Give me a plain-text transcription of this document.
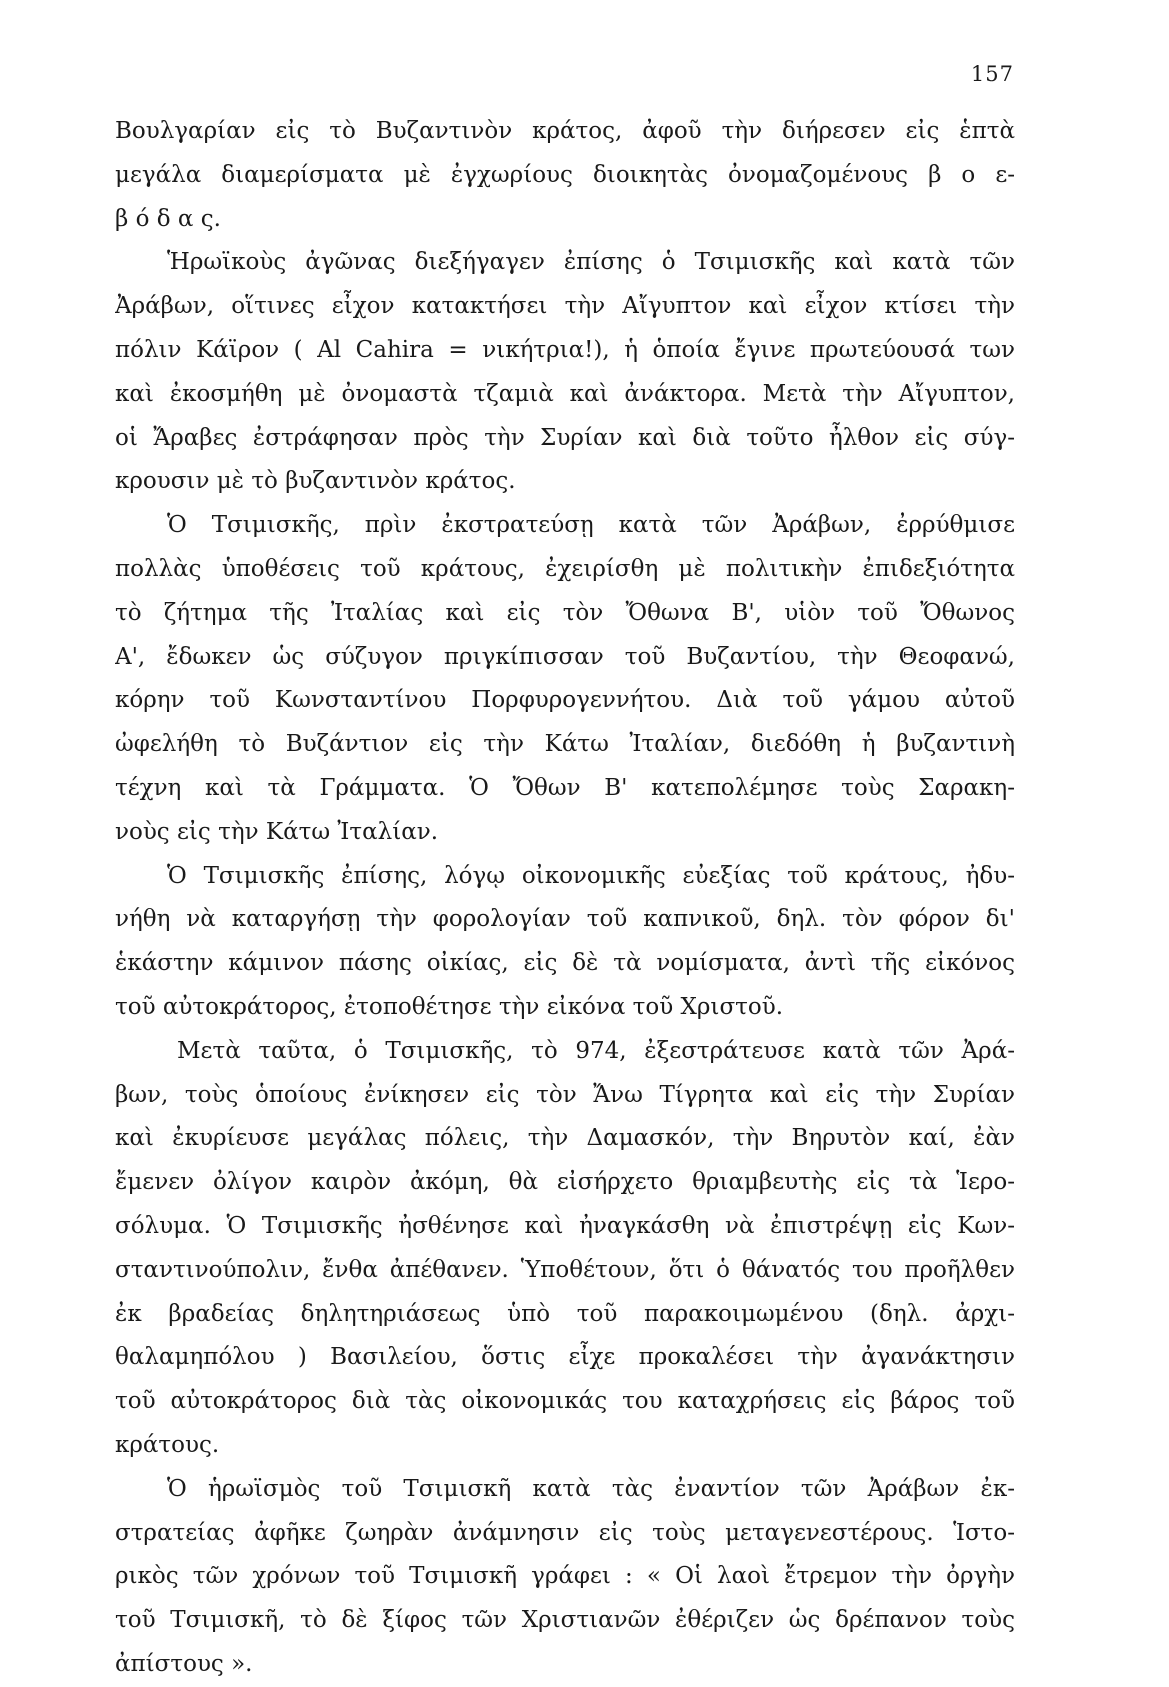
157
Βουλγαρίαν εἰς τὸ Βυζαντινὸν κράτος, ἀφοῦ τὴν διήρεσεν εἰς ἑπτὰ
μεγάλα διαμερίσματα μὲ ἐγχωρίους διοικητὰς ὀνομαζομένους β ο ε-
β ό δ α ς.
Ἡρωϊκοὺς ἀγῶνας διεξήγαγεν ἐπίσης ὁ Τσιμισκῆς καὶ κατὰ τῶν
Ἀράβων, οἵτινες εἶχον κατακτήσει τὴν Αἴγυπτον καὶ εἶχον κτίσει τὴν
πόλιν Κάϊρον ( Al Cahira = νικήτρια!), ἡ ὁποία ἔγινε πρωτεύουσά των
καὶ ἐκοσμήθη μὲ ὀνομαστὰ τζαμιὰ καὶ ἀνάκτορα. Μετὰ τὴν Αἴγυπτον,
οἱ Ἄραβες ἐστράφησαν πρὸς τὴν Συρίαν καὶ διὰ τοῦτο ἦλθον εἰς σύγ-
κρουσιν μὲ τὸ βυζαντινὸν κράτος.
Ὁ Τσιμισκῆς, πρὶν ἐκστρατεύσῃ κατὰ τῶν Ἀράβων, ἐρρύθμισε
πολλὰς ὑποθέσεις τοῦ κράτους, ἐχειρίσθη μὲ πολιτικὴν ἐπιδεξιότητα
τὸ ζήτημα τῆς Ἰταλίας καὶ εἰς τὸν Ὄθωνα Β', υἱὸν τοῦ Ὄθωνος
Α', ἔδωκεν ὡς σύζυγον πριγκίπισσαν τοῦ Βυζαντίου, τὴν Θεοφανώ,
κόρην τοῦ Κωνσταντίνου Πορφυρογεννήτου. Διὰ τοῦ γάμου αὐτοῦ
ὠφελήθη τὸ Βυζάντιον εἰς τὴν Κάτω Ἰταλίαν, διεδόθη ἡ βυζαντινὴ
τέχνη καὶ τὰ Γράμματα. Ὁ Ὄθων Β' κατεπολέμησε τοὺς Σαρακη-
νοὺς εἰς τὴν Κάτω Ἰταλίαν.
Ὁ Τσιμισκῆς ἐπίσης, λόγῳ οἰκονομικῆς εὐεξίας τοῦ κράτους, ἠδυ-
νήθη νὰ καταργήσῃ τὴν φορολογίαν τοῦ καπνικοῦ, δηλ. τὸν φόρον δι'
ἑκάστην κάμινον πάσης οἰκίας, εἰς δὲ τὰ νομίσματα, ἀντὶ τῆς εἰκόνος
τοῦ αὐτοκράτορος, ἐτοποθέτησε τὴν εἰκόνα τοῦ Χριστοῦ.
Μετὰ ταῦτα, ὁ Τσιμισκῆς, τὸ 974, ἐξεστράτευσε κατὰ τῶν Ἀρά-
βων, τοὺς ὁποίους ἐνίκησεν εἰς τὸν Ἄνω Τίγρητα καὶ εἰς τὴν Συρίαν
καὶ ἐκυρίευσε μεγάλας πόλεις, τὴν Δαμασκόν, τὴν Βηρυτὸν καί, ἐὰν
ἔμενεν ὀλίγον καιρὸν ἀκόμη, θὰ εἰσήρχετο θριαμβευτὴς εἰς τὰ Ἱερο-
σόλυμα. Ὁ Τσιμισκῆς ἠσθένησε καὶ ἠναγκάσθη νὰ ἐπιστρέψῃ εἰς Κων-
σταντινούπολιν, ἔνθα ἀπέθανεν. Ὑποθέτουν, ὅτι ὁ θάνατός του προῆλθεν
ἐκ βραδείας δηλητηριάσεως ὑπὸ τοῦ παρακοιμωμένου (δηλ. ἀρχι-
θαλαμηπόλου ) Βασιλείου, ὅστις εἶχε προκαλέσει τὴν ἀγανάκτησιν
τοῦ αὐτοκράτορος διὰ τὰς οἰκονομικάς του καταχρήσεις εἰς βάρος τοῦ
κράτους.
Ὁ ἡρωϊσμὸς τοῦ Τσιμισκῆ κατὰ τὰς ἐναντίον τῶν Ἀράβων ἐκ-
στρατείας ἀφῆκε ζωηρὰν ἀνάμνησιν εἰς τοὺς μεταγενεστέρους. Ἱστο-
ρικὸς τῶν χρόνων τοῦ Τσιμισκῆ γράφει : « Οἱ λαοὶ ἔτρεμον τὴν ὀργὴν
τοῦ Τσιμισκῆ, τὸ δὲ ξίφος τῶν Χριστιανῶν ἐθέριζεν ὡς δρέπανον τοὺς
ἀπίστους ».
